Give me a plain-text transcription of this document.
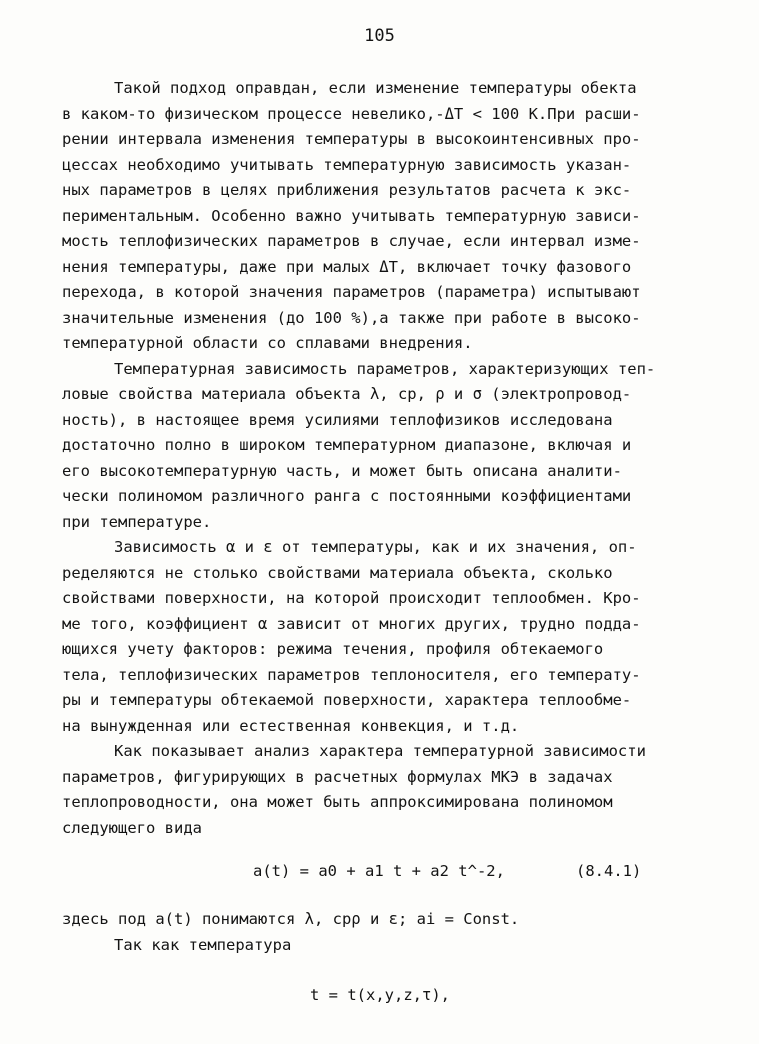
105

Такой подход оправдан, если изменение температуры обекта

в каком-то физическом процессе невелико,-ΔT < 100 К.При расши-

рении интервала изменения температуры в высокоинтенсивных про-

цессах необходимо учитывать температурную зависимость указан-

ных параметров в целях приближения результатов расчета к экс-

периментальным. Особенно важно учитывать температурную зависи-

мость теплофизических параметров в случае, если интервал изме-

нения температуры, даже при малых ΔT, включает точку фазового

перехода, в которой значения параметров (параметра) испытывают

значительные изменения (до 100 %),а также при работе в высоко-

температурной области со сплавами внедрения.

Температурная зависимость параметров, характеризующих теп-

ловые свойства материала объекта λ, cp, ρ и σ (электропровод-

ность), в настоящее время усилиями теплофизиков исследована

достаточно полно в широком температурном диапазоне, включая и

его высокотемпературную часть, и может быть описана аналити-

чески полиномом различного ранга с постоянными коэффициентами

при температуре.

Зависимость α и ε от температуры, как и их значения, оп-

ределяются не столько свойствами материала объекта, сколько

свойствами поверхности, на которой происходит теплообмен. Кро-

ме того, коэффициент α зависит от многих других, трудно подда-

ющихся учету факторов: режима течения, профиля обтекаемого

тела, теплофизических параметров теплоносителя, его температу-

ры и температуры обтекаемой поверхности, характера теплообме-

на вынужденная или естественная конвекция, и т.д.

Как показывает анализ характера температурной зависимости

параметров, фигурирующих в расчетных формулах МКЭ в задачах

теплопроводности, она может быть аппроксимирована полиномом

следующего вида

a(t) = a0 + a1 t + a2 t^-2,	(8.4.1)

здесь под a(t) понимаются λ, cpρ и ε; ai = Const.

Так как температура

t = t(x,y,z,τ),
